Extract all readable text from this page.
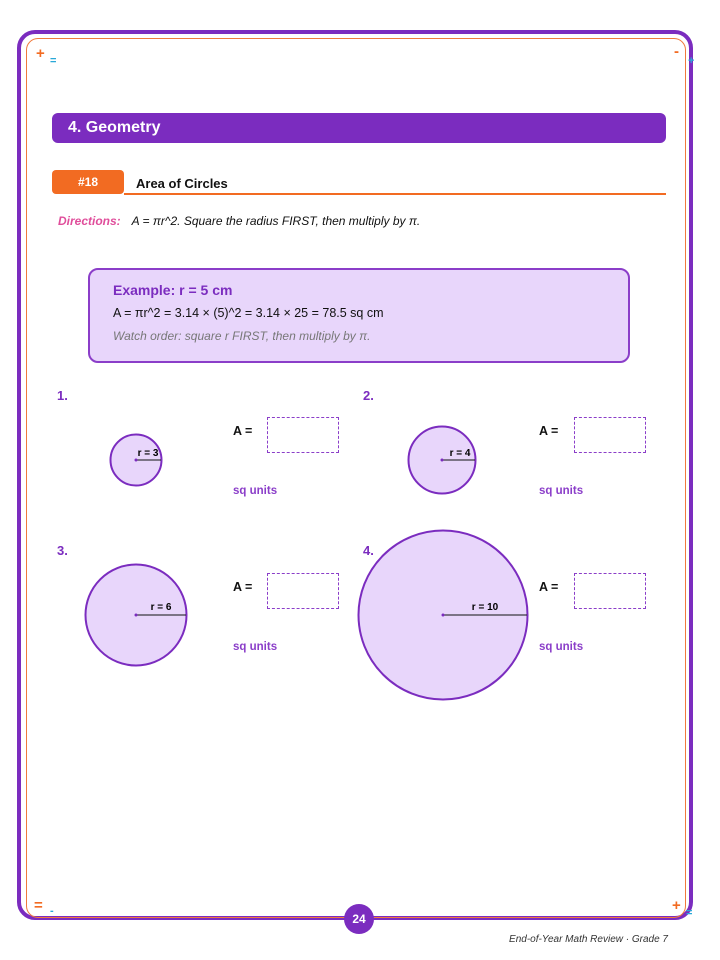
+ =
-
+
= -	+ =
4. Geometry
#18	Area of Circles
Directions: A = πr^2. Square the radius FIRST, then multiply by π.
Example: r = 5 cm
A = πr^2 = 3.14 × (5)^2 = 3.14 × 25 = 78.5 sq cm
Watch order: square r FIRST, then multiply by π.
1.
r = 3
A =
sq units
2.
r = 4
A =
sq units
3.
r = 6
A =
sq units
4.
r = 10
A =
sq units
24
End-of-Year Math Review · Grade 7
